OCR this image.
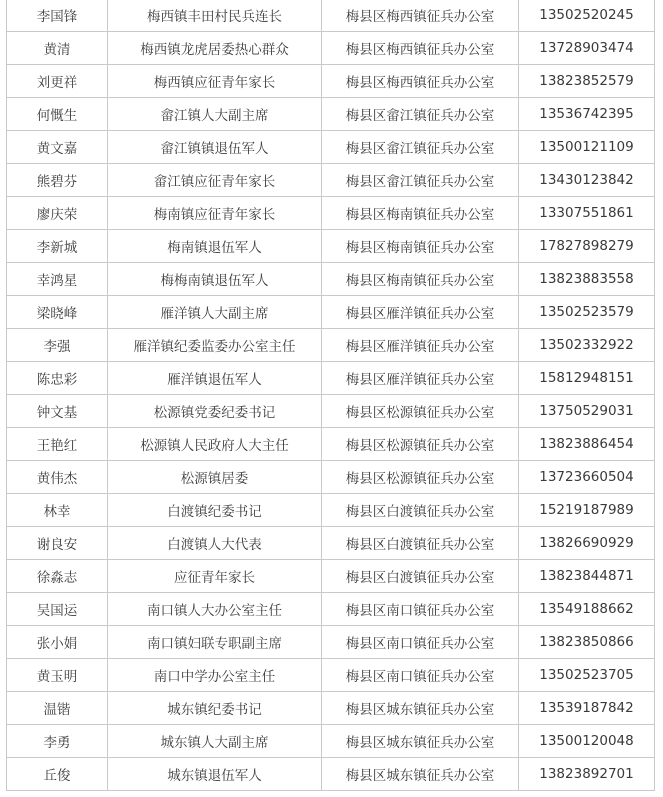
李国锋	梅西镇丰田村民兵连长	梅县区梅西镇征兵办公室	13502520245
黄清	梅西镇龙虎居委热心群众	梅县区梅西镇征兵办公室	13728903474
刘更祥	梅西镇应征青年家长	梅县区梅西镇征兵办公室	13823852579
何慨生	畲江镇人大副主席	梅县区畲江镇征兵办公室	13536742395
黄文嘉	畲江镇镇退伍军人	梅县区畲江镇征兵办公室	13500121109
熊碧芬	畲江镇应征青年家长	梅县区畲江镇征兵办公室	13430123842
廖庆荣	梅南镇应征青年家长	梅县区梅南镇征兵办公室	13307551861
李新城	梅南镇退伍军人	梅县区梅南镇征兵办公室	17827898279
幸鸿星	梅梅南镇退伍军人	梅县区梅南镇征兵办公室	13823883558
梁晓峰	雁洋镇人大副主席	梅县区雁洋镇征兵办公室	13502523579
李强	雁洋镇纪委监委办公室主任	梅县区雁洋镇征兵办公室	13502332922
陈忠彩	雁洋镇退伍军人	梅县区雁洋镇征兵办公室	15812948151
钟文基	松源镇党委纪委书记	梅县区松源镇征兵办公室	13750529031
王艳红	松源镇人民政府人大主任	梅县区松源镇征兵办公室	13823886454
黄伟杰	松源镇居委	梅县区松源镇征兵办公室	13723660504
林幸	白渡镇纪委书记	梅县区白渡镇征兵办公室	15219187989
谢良安	白渡镇人大代表	梅县区白渡镇征兵办公室	13826690929
徐淼志	应征青年家长	梅县区白渡镇征兵办公室	13823844871
吴国运	南口镇人大办公室主任	梅县区南口镇征兵办公室	13549188662
张小娟	南口镇妇联专职副主席	梅县区南口镇征兵办公室	13823850866
黄玉明	南口中学办公室主任	梅县区南口镇征兵办公室	13502523705
温锴	城东镇纪委书记	梅县区城东镇征兵办公室	13539187842
李勇	城东镇人大副主席	梅县区城东镇征兵办公室	13500120048
丘俊	城东镇退伍军人	梅县区城东镇征兵办公室	13823892701
